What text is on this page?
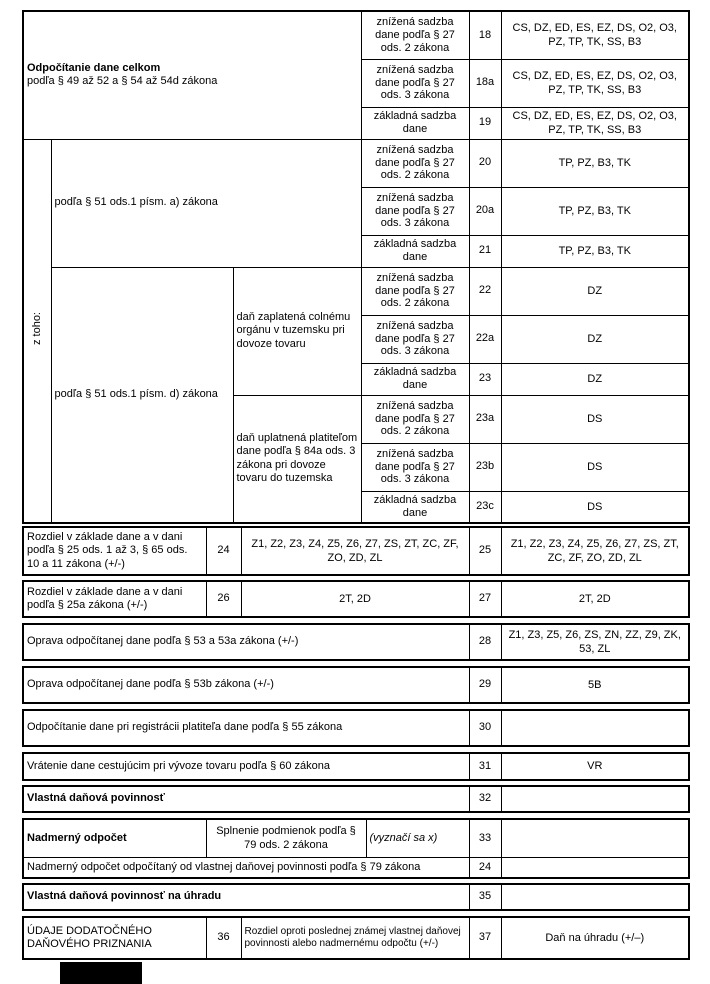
Odpočítanie dane celkom
podľa § 49 až 52 a § 54 až 54d zákona			znížená sadzba dane podľa § 27 ods. 2 zákona	18	CS, DZ, ED, ES, EZ, DS, O2, O3, PZ, TP, TK, SS, B3
			znížená sadzba dane podľa § 27 ods. 3 zákona	18a	CS, DZ, ED, ES, EZ, DS, O2, O3, PZ, TP, TK, SS, B3
			základná sadzba dane	19	CS, DZ, ED, ES, EZ, DS, O2, O3, PZ, TP, TK, SS, B3
z toho:	podľa § 51 ods.1 písm. a) zákona		znížená sadzba dane podľa § 27 ods. 2 zákona	20	TP, PZ, B3, TK
			znížená sadzba dane podľa § 27 ods. 3 zákona	20a	TP, PZ, B3, TK
			základná sadzba dane	21	TP, PZ, B3, TK
	podľa § 51 ods.1 písm. d) zákona	daň zaplatená colnému orgánu v tuzemsku pri dovoze tovaru	znížená sadzba dane podľa § 27 ods. 2 zákona	22	DZ
			znížená sadzba dane podľa § 27 ods. 3 zákona	22a	DZ
			základná sadzba dane	23	DZ
		daň uplatnená platiteľom dane podľa § 84a ods. 3 zákona pri dovoze tovaru do tuzemska	znížená sadzba dane podľa § 27 ods. 2 zákona	23a	DS
			znížená sadzba dane podľa § 27 ods. 3 zákona	23b	DS
			základná sadzba dane	23c	DS
Rozdiel v základe dane a v dani podľa § 25 ods. 1 až 3, § 65 ods. 10 a 11 zákona (+/-)	24	Z1, Z2, Z3, Z4, Z5, Z6, Z7, ZS, ZT, ZC, ZF, ZO, ZD, ZL	25	Z1, Z2, Z3, Z4, Z5, Z6, Z7, ZS, ZT, ZC, ZF, ZO, ZD, ZL
Rozdiel v základe dane a v dani podľa § 25a zákona (+/-)	26	2T, 2D	27	2T, 2D
Oprava odpočítanej dane podľa § 53 a 53a zákona (+/-)	28	Z1, Z3, Z5, Z6, ZS, ZN, ZZ, Z9, ZK, 53, ZL
Oprava odpočítanej dane podľa § 53b zákona (+/-)	29	5B
Odpočítanie dane pri registrácii platiteľa dane podľa § 55 zákona	30	
Vrátenie dane cestujúcim pri vývoze tovaru podľa § 60 zákona	31	VR
Vlastná daňová povinnosť	32	
Nadmerný odpočet	Splnenie podmienok podľa § 79 ods. 2 zákona	(vyznačí sa x)	33	
Nadmerný odpočet odpočítaný od vlastnej daňovej povinnosti podľa § 79 zákona			24	
Vlastná daňová povinnosť na úhradu	35	
ÚDAJE DODATOČNÉHO DAŇOVÉHO PRIZNANIA	36	Rozdiel oproti poslednej známej vlastnej daňovej povinnosti alebo nadmernému odpočtu (+/-)	37	Daň na úhradu (+/–)
